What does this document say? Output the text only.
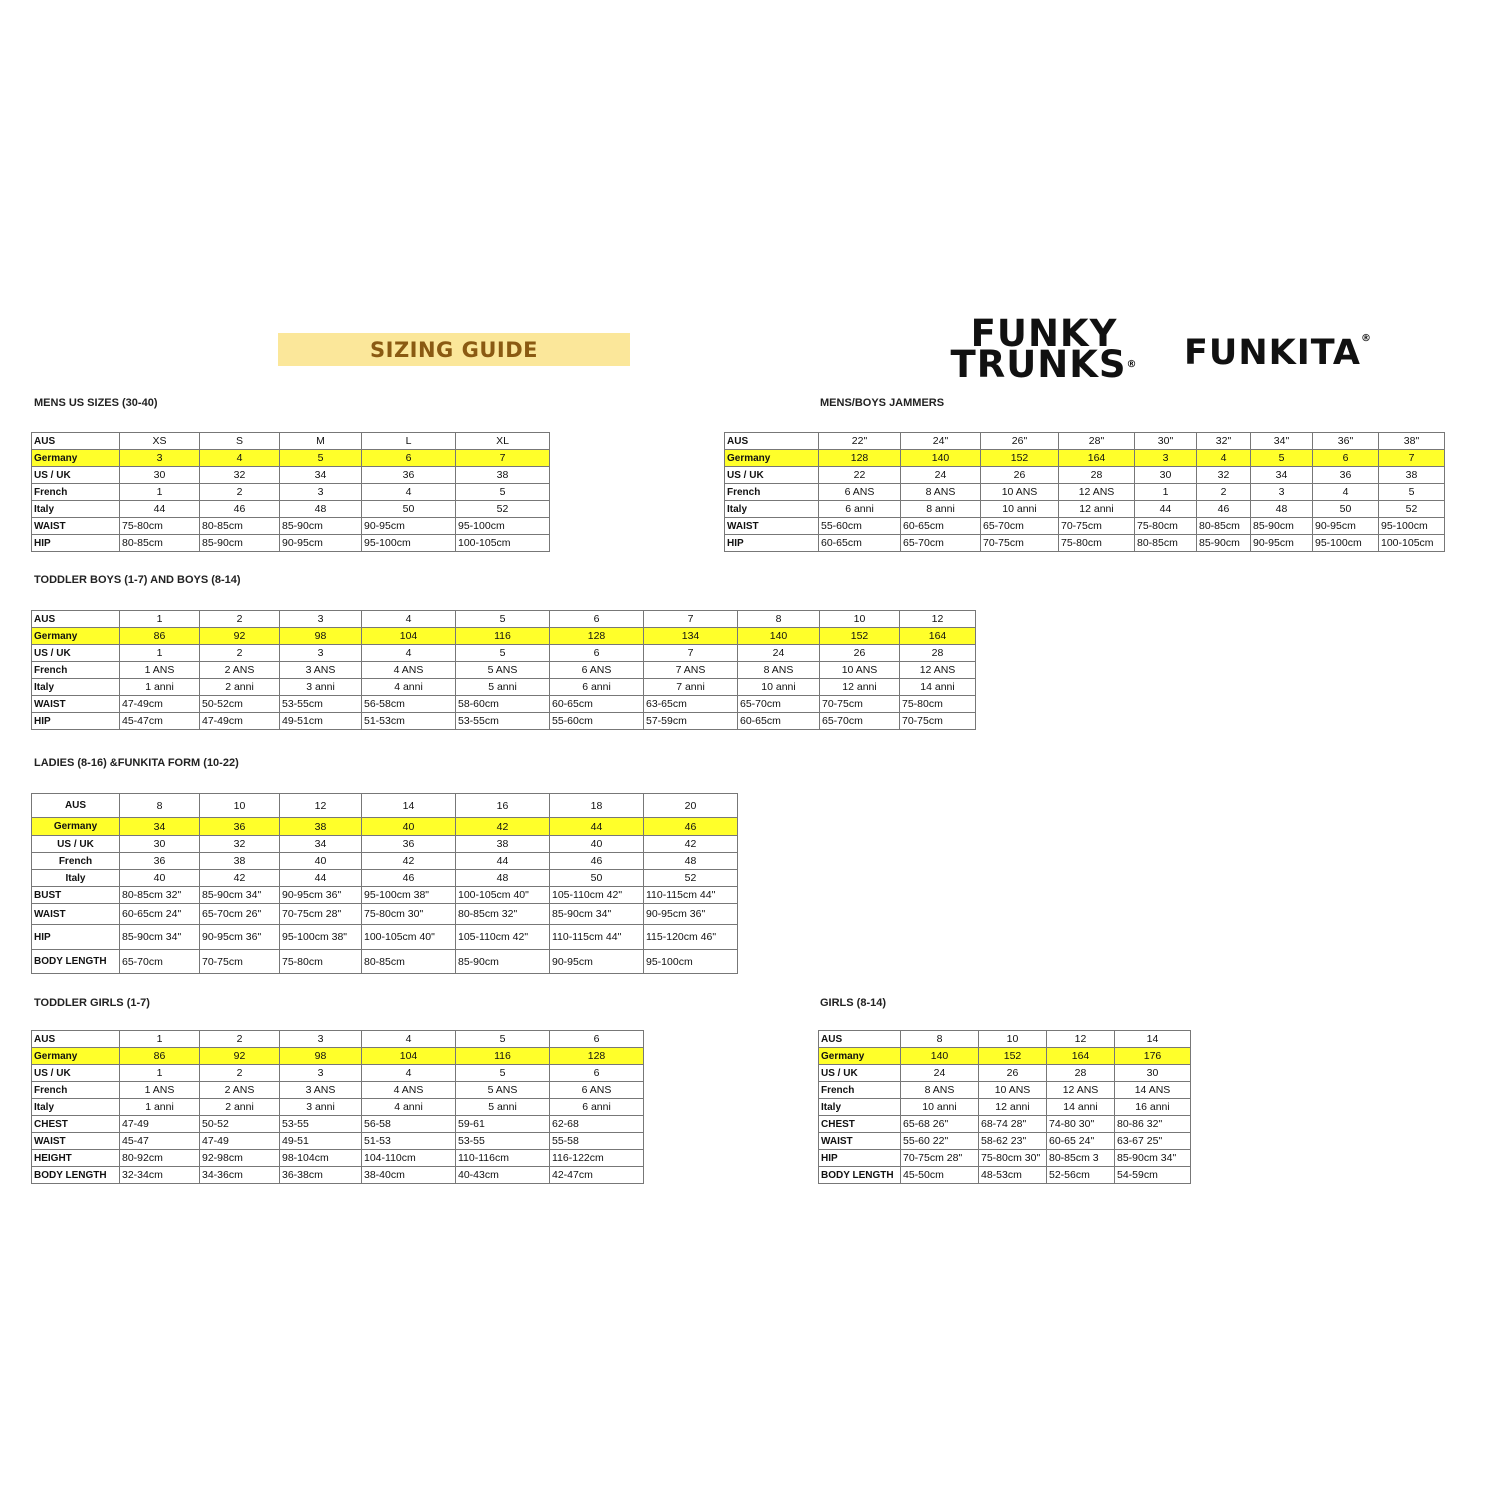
SIZING GUIDE	FUNKY
TRUNKS®	FUNKITA®
MENS US SIZES (30-40)	MENS/BOYS JAMMERS
TODDLER BOYS (1-7) AND BOYS (8-14)
LADIES (8-16) &FUNKITA FORM (10-22)
TODDLER GIRLS (1-7)	GIRLS (8-14)
AUS	XS	S	M	L	XL	
Germany	3	4	5	6	7	
US / UK	30	32	34	36	38	
French	1	2	3	4	5	
Italy	44	46	48	50	52	
WAIST	75-80cm	80-85cm	85-90cm	90-95cm	95-100cm	
HIP	80-85cm	85-90cm	90-95cm	95-100cm	100-105cm	
AUS	22"	24"	26"	28"	30"	32"	34"	36"	38"
Germany	128	140	152	164	3	4	5	6	7
US / UK	22	24	26	28	30	32	34	36	38
French	6 ANS	8 ANS	10 ANS	12 ANS	1	2	3	4	5
Italy	6 anni	8 anni	10 anni	12 anni	44	46	48	50	52
WAIST	55-60cm	60-65cm	65-70cm	70-75cm	75-80cm	80-85cm	85-90cm	90-95cm	95-100cm
HIP	60-65cm	65-70cm	70-75cm	75-80cm	80-85cm	85-90cm	90-95cm	95-100cm	100-105cm
AUS	1	2	3	4	5	6	7	8	10	12	
Germany	86	92	98	104	116	128	134	140	152	164	
US / UK	1	2	3	4	5	6	7	24	26	28	
French	1 ANS	2 ANS	3 ANS	4 ANS	5 ANS	6 ANS	7 ANS	8 ANS	10 ANS	12 ANS	
Italy	1 anni	2 anni	3 anni	4 anni	5 anni	6 anni	7 anni	10 anni	12 anni	14 anni	
WAIST	47-49cm	50-52cm	53-55cm	56-58cm	58-60cm	60-65cm	63-65cm	65-70cm	70-75cm	75-80cm	
HIP	45-47cm	47-49cm	49-51cm	51-53cm	53-55cm	55-60cm	57-59cm	60-65cm	65-70cm	70-75cm	
AUS	8	10	12	14	16	18	20	
Germany	34	36	38	40	42	44	46	
US / UK	30	32	34	36	38	40	42	
French	36	38	40	42	44	46	48	
Italy	40	42	44	46	48	50	52	
BUST	80-85cm 32"	85-90cm 34"	90-95cm 36"	95-100cm 38"	100-105cm 40"	105-110cm 42"	110-115cm 44"	
WAIST	60-65cm 24"	65-70cm 26"	70-75cm 28"	75-80cm 30"	80-85cm 32"	85-90cm 34"	90-95cm 36"	
HIP	85-90cm 34"	90-95cm 36"	95-100cm 38"	100-105cm 40"	105-110cm 42"	110-115cm 44"	115-120cm 46"	
BODY LENGTH	65-70cm	70-75cm	75-80cm	80-85cm	85-90cm	90-95cm	95-100cm	
AUS	1	2	3	4	5	6	
Germany	86	92	98	104	116	128	
US / UK	1	2	3	4	5	6	
French	1 ANS	2 ANS	3 ANS	4 ANS	5 ANS	6 ANS	
Italy	1 anni	2 anni	3 anni	4 anni	5 anni	6 anni	
CHEST	47-49	50-52	53-55	56-58	59-61	62-68	
WAIST	45-47	47-49	49-51	51-53	53-55	55-58	
HEIGHT	80-92cm	92-98cm	98-104cm	104-110cm	110-116cm	116-122cm	
BODY LENGTH	32-34cm	34-36cm	36-38cm	38-40cm	40-43cm	42-47cm	
AUS	8	10	12	14
Germany	140	152	164	176
US / UK	24	26	28	30
French	8 ANS	10 ANS	12 ANS	14 ANS
Italy	10 anni	12 anni	14 anni	16 anni
CHEST	65-68 26"	68-74 28"	74-80 30"	80-86 32"
WAIST	55-60 22"	58-62 23"	60-65 24"	63-67 25"
HIP	70-75cm 28"	75-80cm 30"	80-85cm 3	85-90cm 34"
BODY LENGTH	45-50cm	48-53cm	52-56cm	54-59cm
